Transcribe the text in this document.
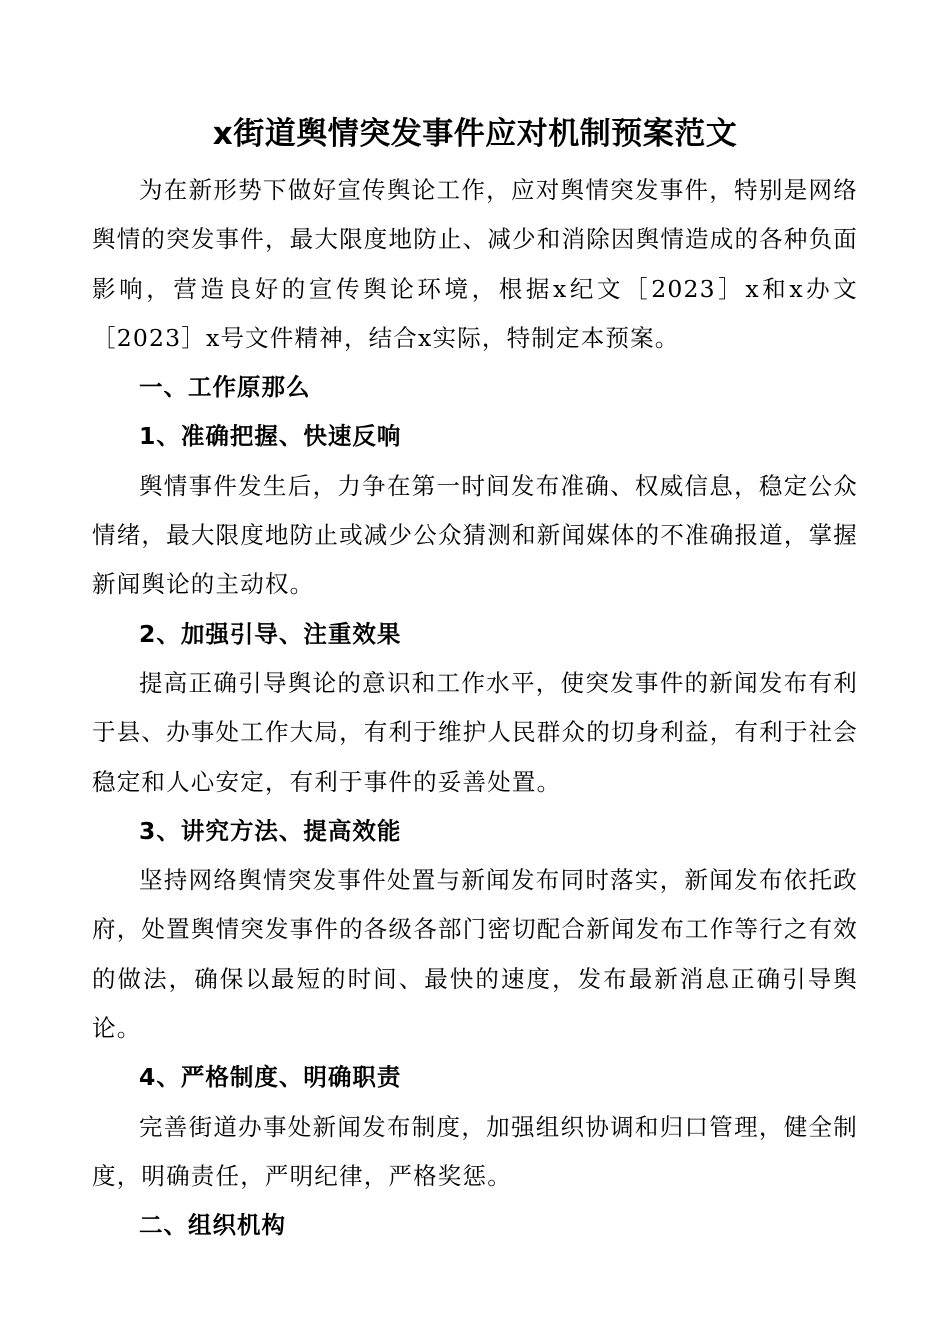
x街道舆情突发事件应对机制预案范文

为在新形势下做好宣传舆论工作，应对舆情突发事件，特别是网络舆情的突发事件，最大限度地防止、减少和消除因舆情造成的各种负面影响，营造良好的宣传舆论环境，根据x纪文［2023］x和x办文［2023］x号文件精神，结合x实际，特制定本预案。

一、工作原那么

1、准确把握、快速反响

舆情事件发生后，力争在第一时间发布准确、权威信息，稳定公众情绪，最大限度地防止或减少公众猜测和新闻媒体的不准确报道，掌握新闻舆论的主动权。

2、加强引导、注重效果

提高正确引导舆论的意识和工作水平，使突发事件的新闻发布有利于县、办事处工作大局，有利于维护人民群众的切身利益，有利于社会稳定和人心安定，有利于事件的妥善处置。

3、讲究方法、提高效能

坚持网络舆情突发事件处置与新闻发布同时落实，新闻发布依托政府，处置舆情突发事件的各级各部门密切配合新闻发布工作等行之有效的做法，确保以最短的时间、最快的速度，发布最新消息正确引导舆论。

4、严格制度、明确职责

完善街道办事处新闻发布制度，加强组织协调和归口管理，健全制度，明确责任，严明纪律，严格奖惩。

二、组织机构
